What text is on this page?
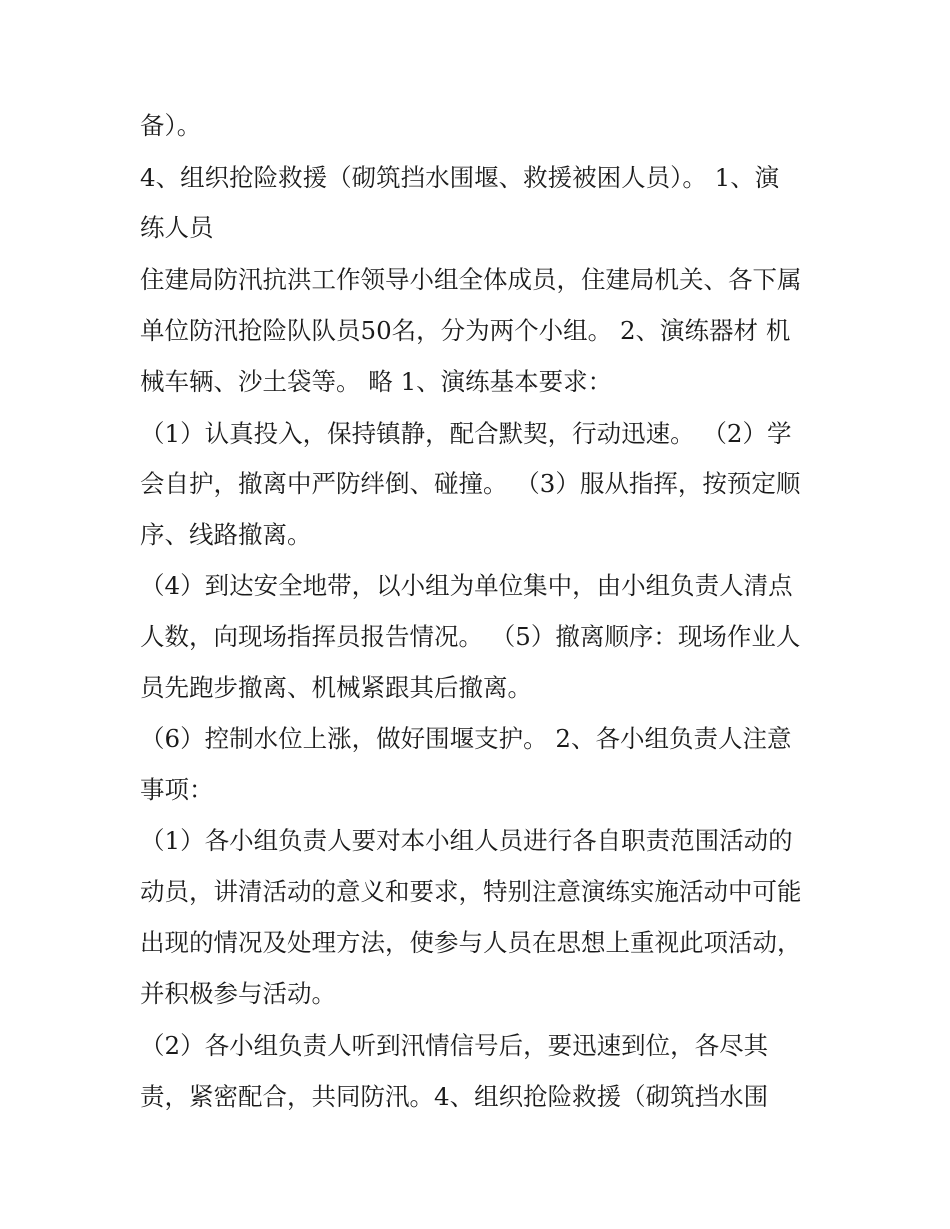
备）。

4、组织抢险救援（砌筑挡水围堰、救援被困人员）。 1、演

练人员

住建局防汛抗洪工作领导小组全体成员，住建局机关、各下属

单位防汛抢险队队员50名，分为两个小组。 2、演练器材 机

械车辆、沙土袋等。 略 1、演练基本要求：

（1）认真投入，保持镇静，配合默契，行动迅速。 （2）学

会自护，撤离中严防绊倒、碰撞。 （3）服从指挥，按预定顺

序、线路撤离。

（4）到达安全地带，以小组为单位集中，由小组负责人清点

人数，向现场指挥员报告情况。 （5）撤离顺序：现场作业人

员先跑步撤离、机械紧跟其后撤离。

（6）控制水位上涨，做好围堰支护。 2、各小组负责人注意

事项：

（1）各小组负责人要对本小组人员进行各自职责范围活动的

动员，讲清活动的意义和要求，特别注意演练实施活动中可能

出现的情况及处理方法，使参与人员在思想上重视此项活动，

并积极参与活动。

（2）各小组负责人听到汛情信号后，要迅速到位，各尽其

责，紧密配合，共同防汛。4、组织抢险救援（砌筑挡水围
